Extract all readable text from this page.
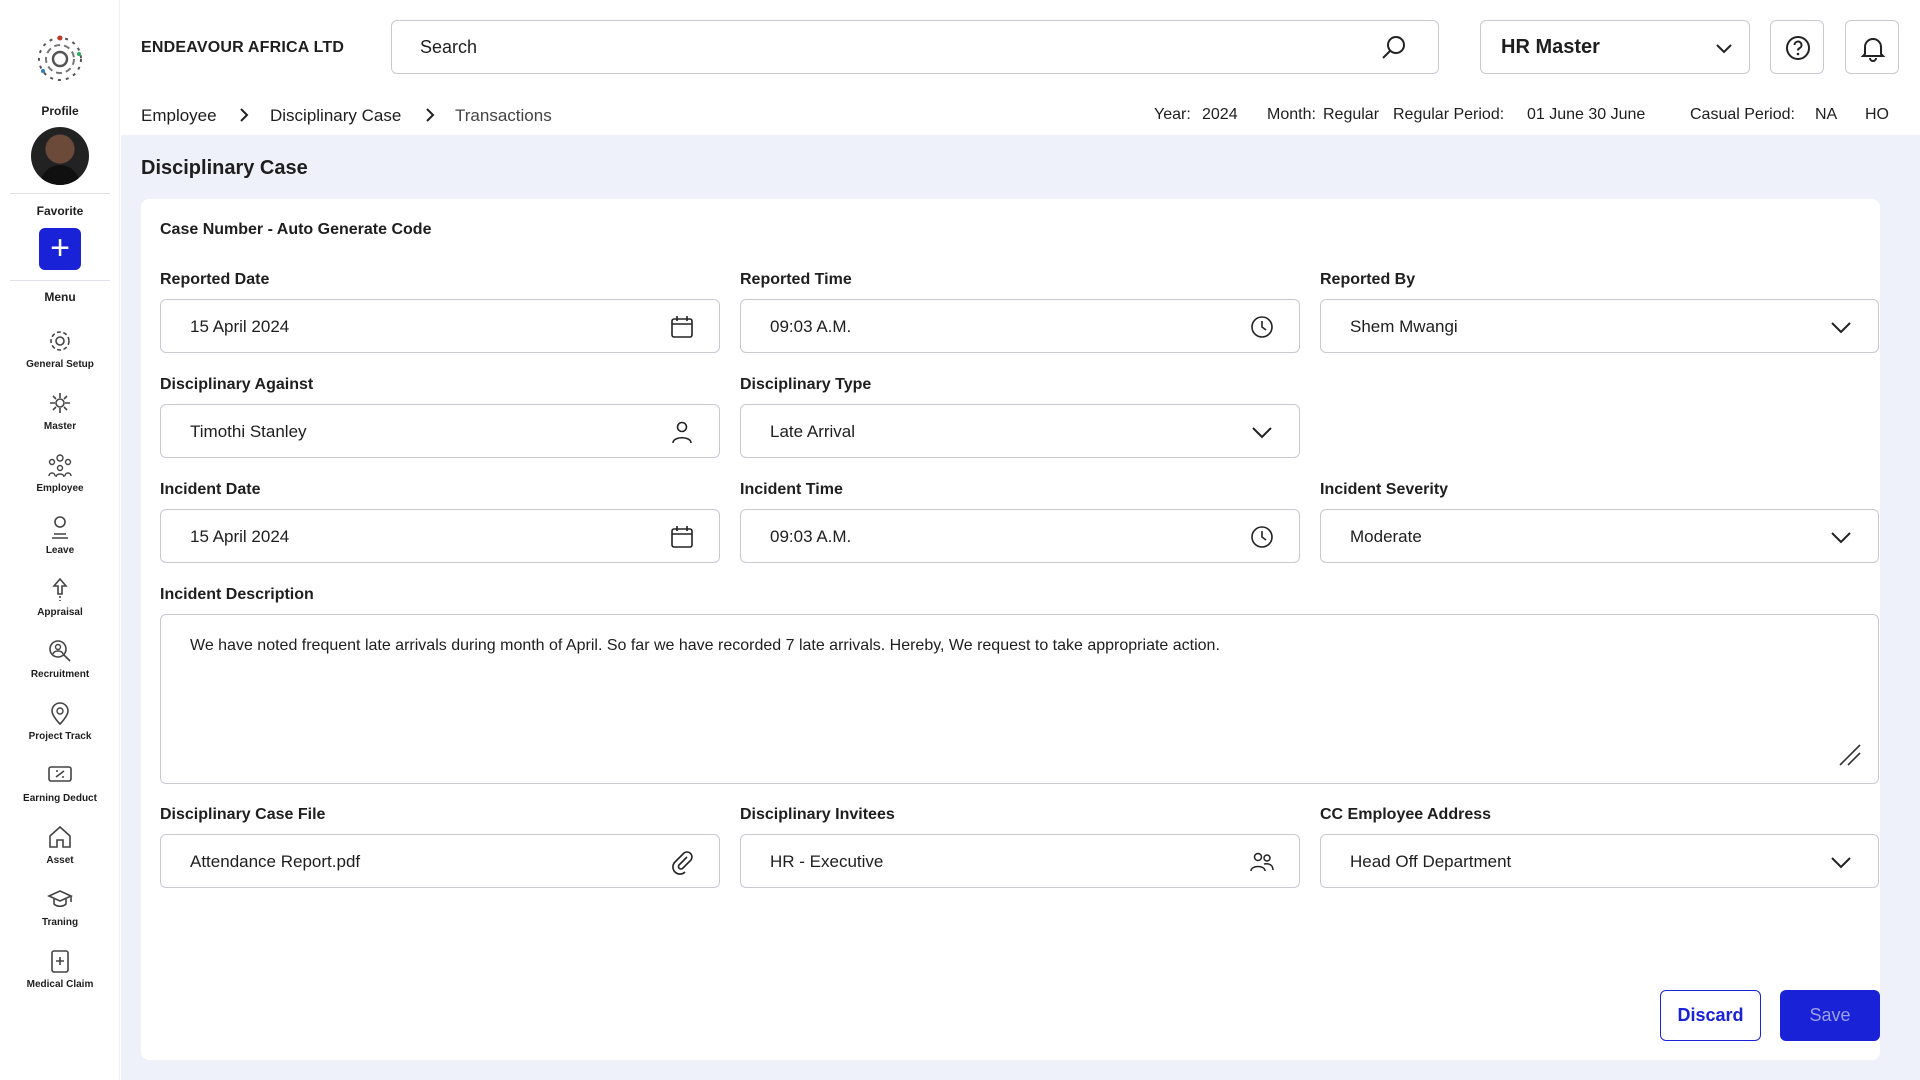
Profile
Favorite
+
Menu
General Setup
Master
Employee
Leave
Appraisal
Recruitment
Project Track
Earning Deduct
Asset
Traning
Medical Claim
ENDEAVOUR AFRICA LTD
Search	HR Master
Employee	Disciplinary Case	Transactions	Year: 2024 Month: Regular Regular Period: 01 June 30 June	Casual Period: NA HO
Disciplinary Case
Case Number - Auto Generate Code
Reported Date
15 April 2024
Reported Time
09:03 A.M.
Reported By
Shem Mwangi
Disciplinary Against
Timothi Stanley
Disciplinary Type
Late Arrival
Incident Date
15 April 2024
Incident Time
09:03 A.M.
Incident Severity
Moderate
Incident Description
We have noted frequent late arrivals during month of April. So far we have recorded 7 late arrivals. Hereby, We request to take appropriate action.
Disciplinary Case File
Attendance Report.pdf
Disciplinary Invitees
HR - Executive
CC Employee Address
Head Off Department
Discard	Save
